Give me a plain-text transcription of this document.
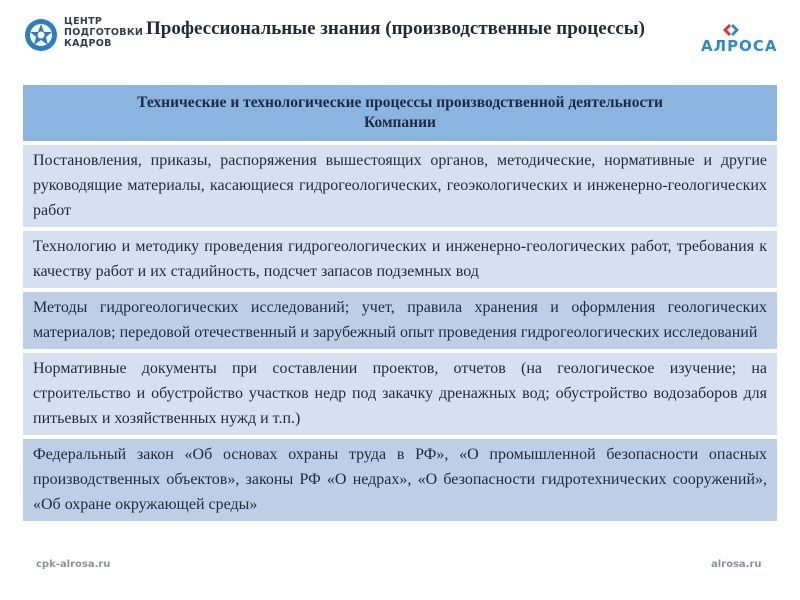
ЦЕНТР
ПОДГОТОВКИ
КАДРОВ
Профессиональные знания (производственные процессы)
АЛРОСА
Технические и технологические процессы производственной деятельности
Компании
Постановления, приказы, распоряжения вышестоящих органов, методические, нормативные и другие руководящие материалы, касающиеся гидрогеологических, геоэкологических и инженерно-геологических работ
Технологию и методику проведения гидрогеологических и инженерно-геологических работ, требования к качеству работ и их стадийность, подсчет запасов подземных вод
Методы гидрогеологических исследований; учет, правила хранения и оформления геологических материалов; передовой отечественный и зарубежный опыт проведения гидрогеологических исследований
Нормативные документы при составлении проектов, отчетов (на геологическое изучение; на строительство и обустройство участков недр под закачку дренажных вод; обустройство водозаборов для питьевых и хозяйственных нужд и т.п.)
Федеральный закон «Об основах охраны труда в РФ», «О промышленной безопасности опасных производственных объектов», законы РФ «О недрах», «О безопасности гидротехнических сооружений», «Об охране окружающей среды»
cpk-alrosa.ru	alrosa.ru
